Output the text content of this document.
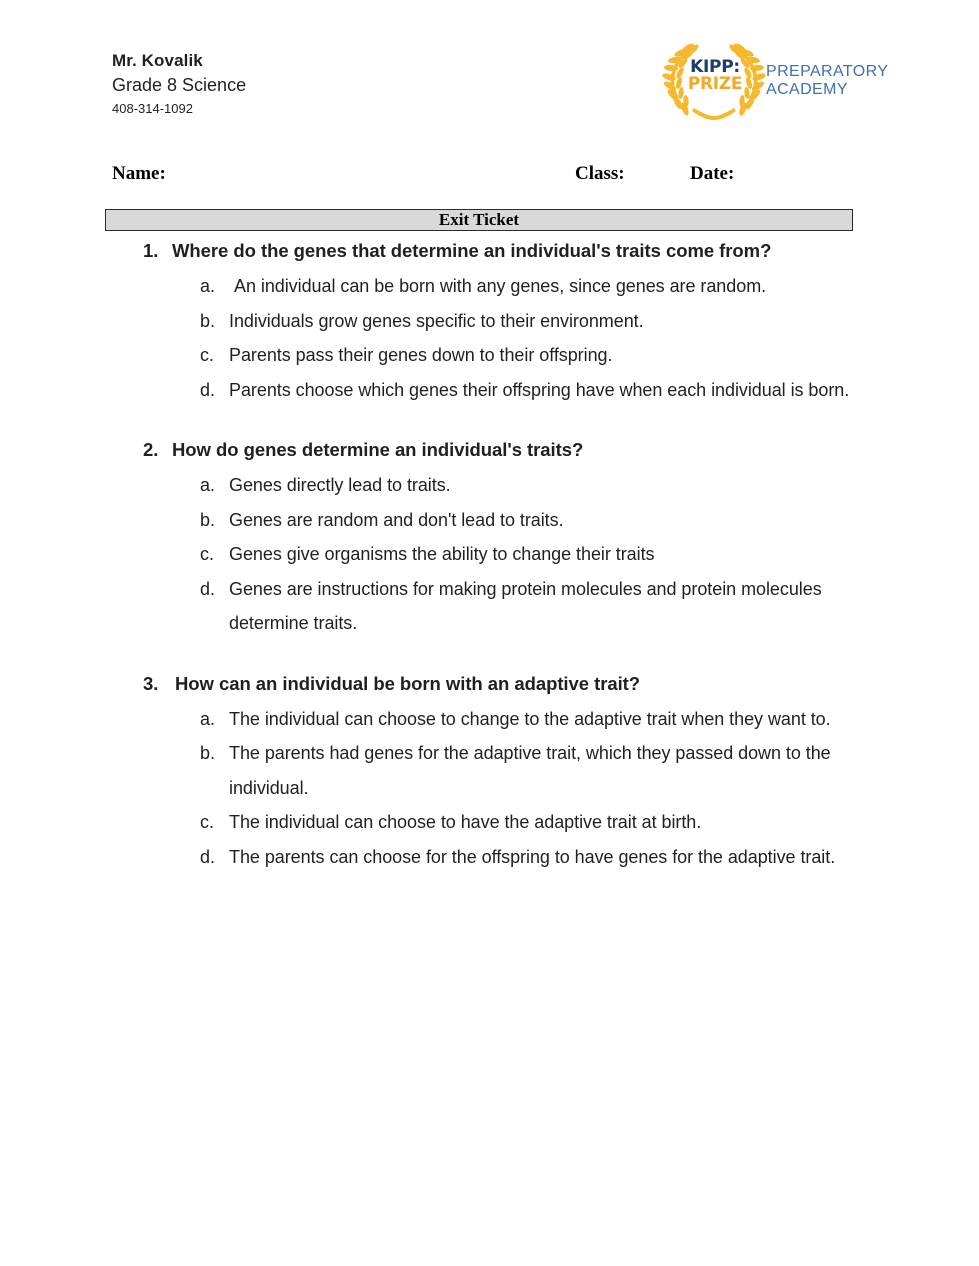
Mr. Kovalik
Grade 8 Science
408-314-1092
KIPP:
PRIZE
PREPARATORY
ACADEMY
Name:	Class:	Date:
Exit Ticket
1. Where do the genes that determine an individual's traits come from?
a. An individual can be born with any genes, since genes are random.
b. Individuals grow genes specific to their environment.
c. Parents pass their genes down to their offspring.
d. Parents choose which genes their offspring have when each individual is born.
2. How do genes determine an individual's traits?
a. Genes directly lead to traits.
b. Genes are random and don't lead to traits.
c. Genes give organisms the ability to change their traits
d. Genes are instructions for making protein molecules and protein molecules determine traits.
3. How can an individual be born with an adaptive trait?
a. The individual can choose to change to the adaptive trait when they want to.
b. The parents had genes for the adaptive trait, which they passed down to the individual.
c. The individual can choose to have the adaptive trait at birth.
d. The parents can choose for the offspring to have genes for the adaptive trait.
